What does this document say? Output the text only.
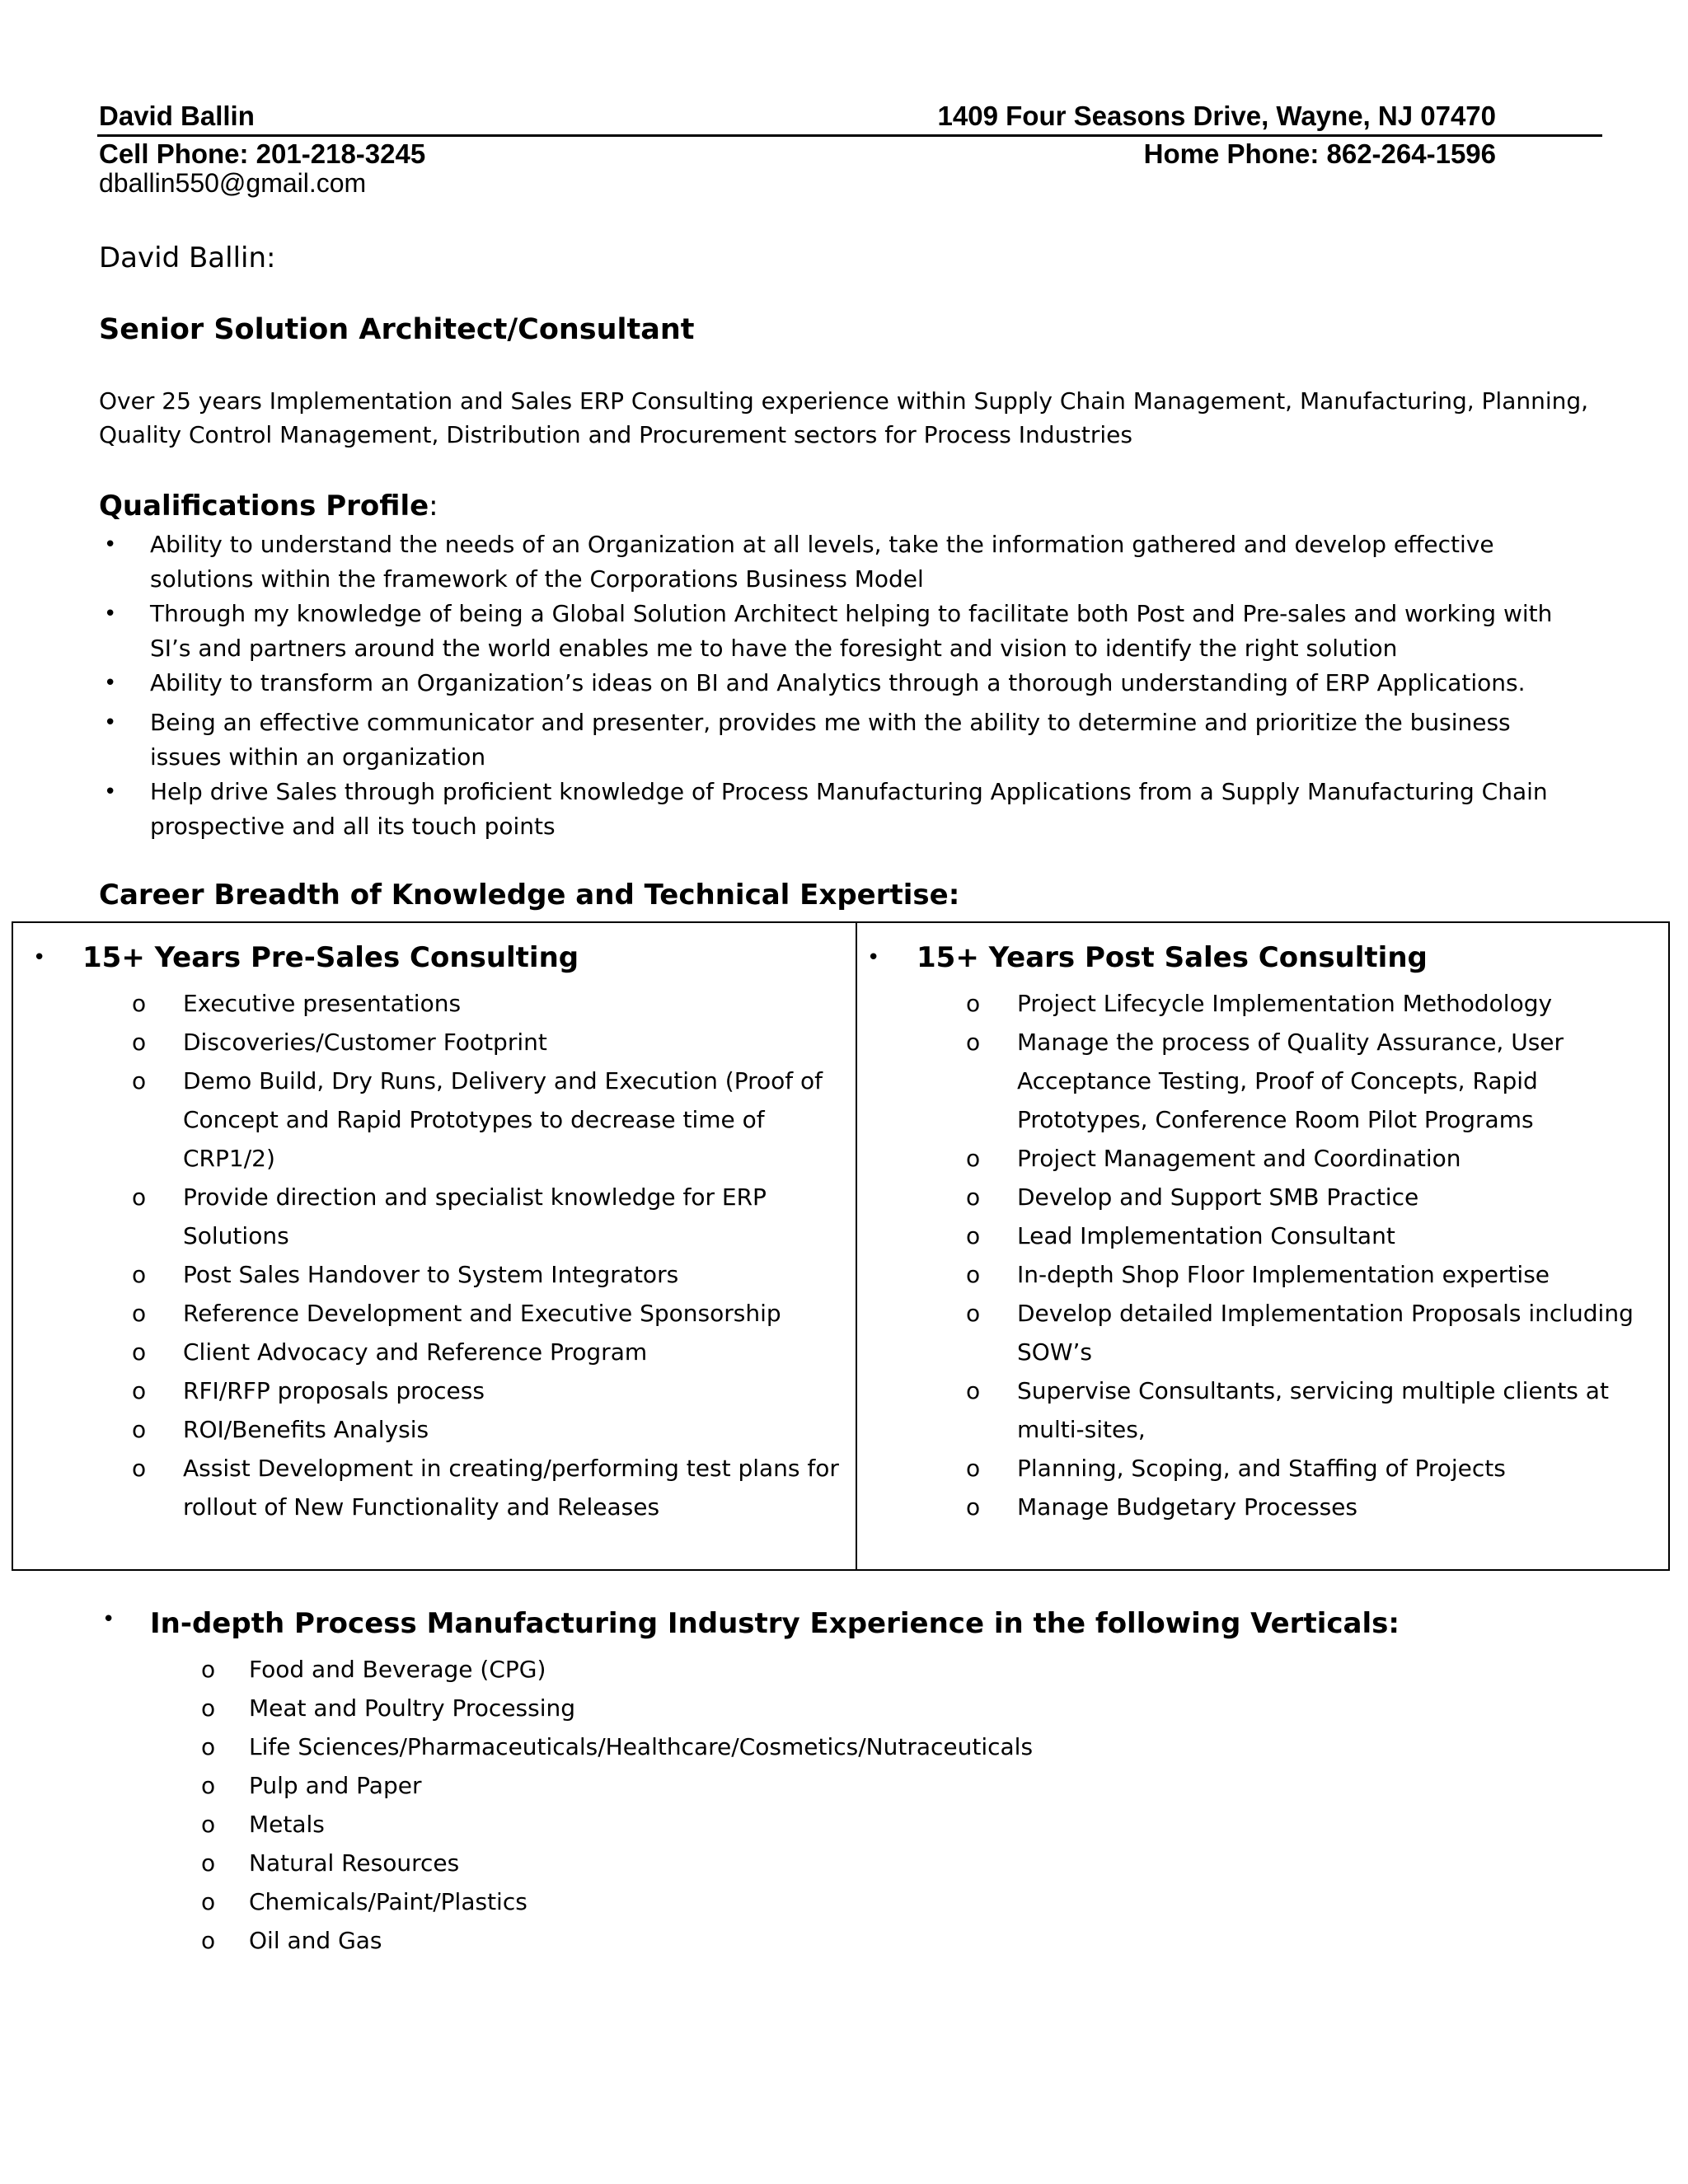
David Ballin	1409 Four Seasons Drive, Wayne, NJ 07470
Cell Phone: 201-218-3245	Home Phone: 862-264-1596
dballin550@gmail.com
David Ballin:
Senior Solution Architect/Consultant
Over 25 years Implementation and Sales ERP Consulting experience within Supply Chain Management, Manufacturing, Planning, Quality Control Management, Distribution and Procurement sectors for Process Industries
Qualifications Profile:
• Ability to understand the needs of an Organization at all levels, take the information gathered and develop effective solutions within the framework of the Corporations Business Model
• Through my knowledge of being a Global Solution Architect helping to facilitate both Post and Pre-sales and working with SI’s and partners around the world enables me to have the foresight and vision to identify the right solution
• Ability to transform an Organization’s ideas on BI and Analytics through a thorough understanding of ERP Applications.
• Being an effective communicator and presenter, provides me with the ability to determine and prioritize the business issues within an organization
• Help drive Sales through proficient knowledge of Process Manufacturing Applications from a Supply Manufacturing Chain prospective and all its touch points
Career Breadth of Knowledge and Technical Expertise:
• 15+ Years Pre-Sales Consulting
o Executive presentations
o Discoveries/Customer Footprint
o Demo Build, Dry Runs, Delivery and Execution (Proof of Concept and Rapid Prototypes to decrease time of CRP1/2)
o Provide direction and specialist knowledge for ERP Solutions
o Post Sales Handover to System Integrators
o Reference Development and Executive Sponsorship
o Client Advocacy and Reference Program
o RFI/RFP proposals process
o ROI/Benefits Analysis
o Assist Development in creating/performing test plans for rollout of New Functionality and Releases
• 15+ Years Post Sales Consulting
o Project Lifecycle Implementation Methodology
o Manage the process of Quality Assurance, User Acceptance Testing, Proof of Concepts, Rapid Prototypes, Conference Room Pilot Programs
o Project Management and Coordination
o Develop and Support SMB Practice
o Lead Implementation Consultant
o In-depth Shop Floor Implementation expertise
o Develop detailed Implementation Proposals including SOW’s
o Supervise Consultants, servicing multiple clients at multi-sites,
o Planning, Scoping, and Staffing of Projects
o Manage Budgetary Processes
• In-depth Process Manufacturing Industry Experience in the following Verticals:
o Food and Beverage (CPG)
o Meat and Poultry Processing
o Life Sciences/Pharmaceuticals/Healthcare/Cosmetics/Nutraceuticals
o Pulp and Paper
o Metals
o Natural Resources
o Chemicals/Paint/Plastics
o Oil and Gas
